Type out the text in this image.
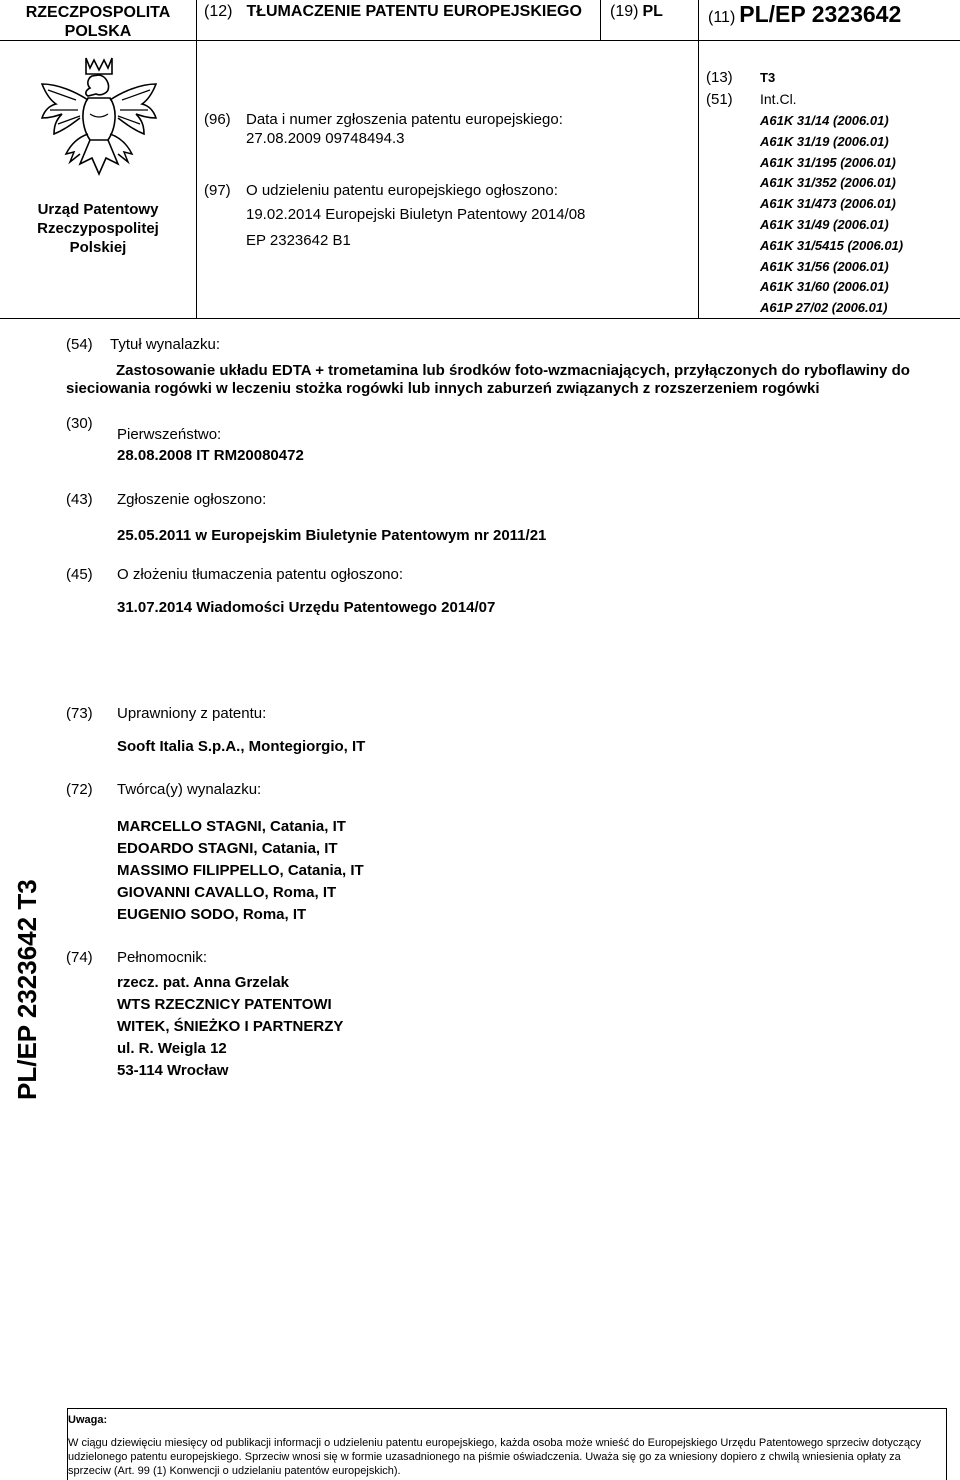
RZECZPOSPOLITA
POLSKA
(12) TŁUMACZENIE PATENTU EUROPEJSKIEGO (19) PL	(11) PL/EP 2323642
Urząd Patentowy
Rzeczypospolitej
Polskiej
(96) Data i numer zgłoszenia patentu europejskiego:
27.08.2009 09748494.3
(97) O udzieleniu patentu europejskiego ogłoszono:
19.02.2014 Europejski Biuletyn Patentowy 2014/08
EP 2323642 B1
(13) T3
(51) Int.Cl.
A61K 31/14 (2006.01)
A61K 31/19 (2006.01)
A61K 31/195 (2006.01)
A61K 31/352 (2006.01)
A61K 31/473 (2006.01)
A61K 31/49 (2006.01)
A61K 31/5415 (2006.01)
A61K 31/56 (2006.01)
A61K 31/60 (2006.01)
A61P 27/02 (2006.01)
(54) Tytuł wynalazku:
Zastosowanie układu EDTA + trometamina lub środków foto-wzmacniających, przyłączonych do ryboflawiny do
sieciowania rogówki w leczeniu stożka rogówki lub innych zaburzeń związanych z rozszerzeniem rogówki
(30)
Pierwszeństwo:
28.08.2008 IT RM20080472
(43) Zgłoszenie ogłoszono:
25.05.2011 w Europejskim Biuletynie Patentowym nr 2011/21
(45) O złożeniu tłumaczenia patentu ogłoszono:
31.07.2014 Wiadomości Urzędu Patentowego 2014/07
(73) Uprawniony z patentu:
Sooft Italia S.p.A., Montegiorgio, IT
(72) Twórca(y) wynalazku:
MARCELLO STAGNI, Catania, IT
EDOARDO STAGNI, Catania, IT
MASSIMO FILIPPELLO, Catania, IT
GIOVANNI CAVALLO, Roma, IT
EUGENIO SODO, Roma, IT
(74) Pełnomocnik:
rzecz. pat. Anna Grzelak
WTS RZECZNICY PATENTOWI
WITEK, ŚNIEŻKO I PARTNERZY
ul. R. Weigla 12
53-114 Wrocław
PL/EP 2323642 T3
Uwaga:
W ciągu dziewięciu miesięcy od publikacji informacji o udzieleniu patentu europejskiego, każda osoba może wnieść do Europejskiego Urzędu Patentowego sprzeciw dotyczący
udzielonego patentu europejskiego. Sprzeciw wnosi się w formie uzasadnionego na piśmie oświadczenia. Uważa się go za wniesiony dopiero z chwilą wniesienia opłaty za
sprzeciw (Art. 99 (1) Konwencji o udzielaniu patentów europejskich).
